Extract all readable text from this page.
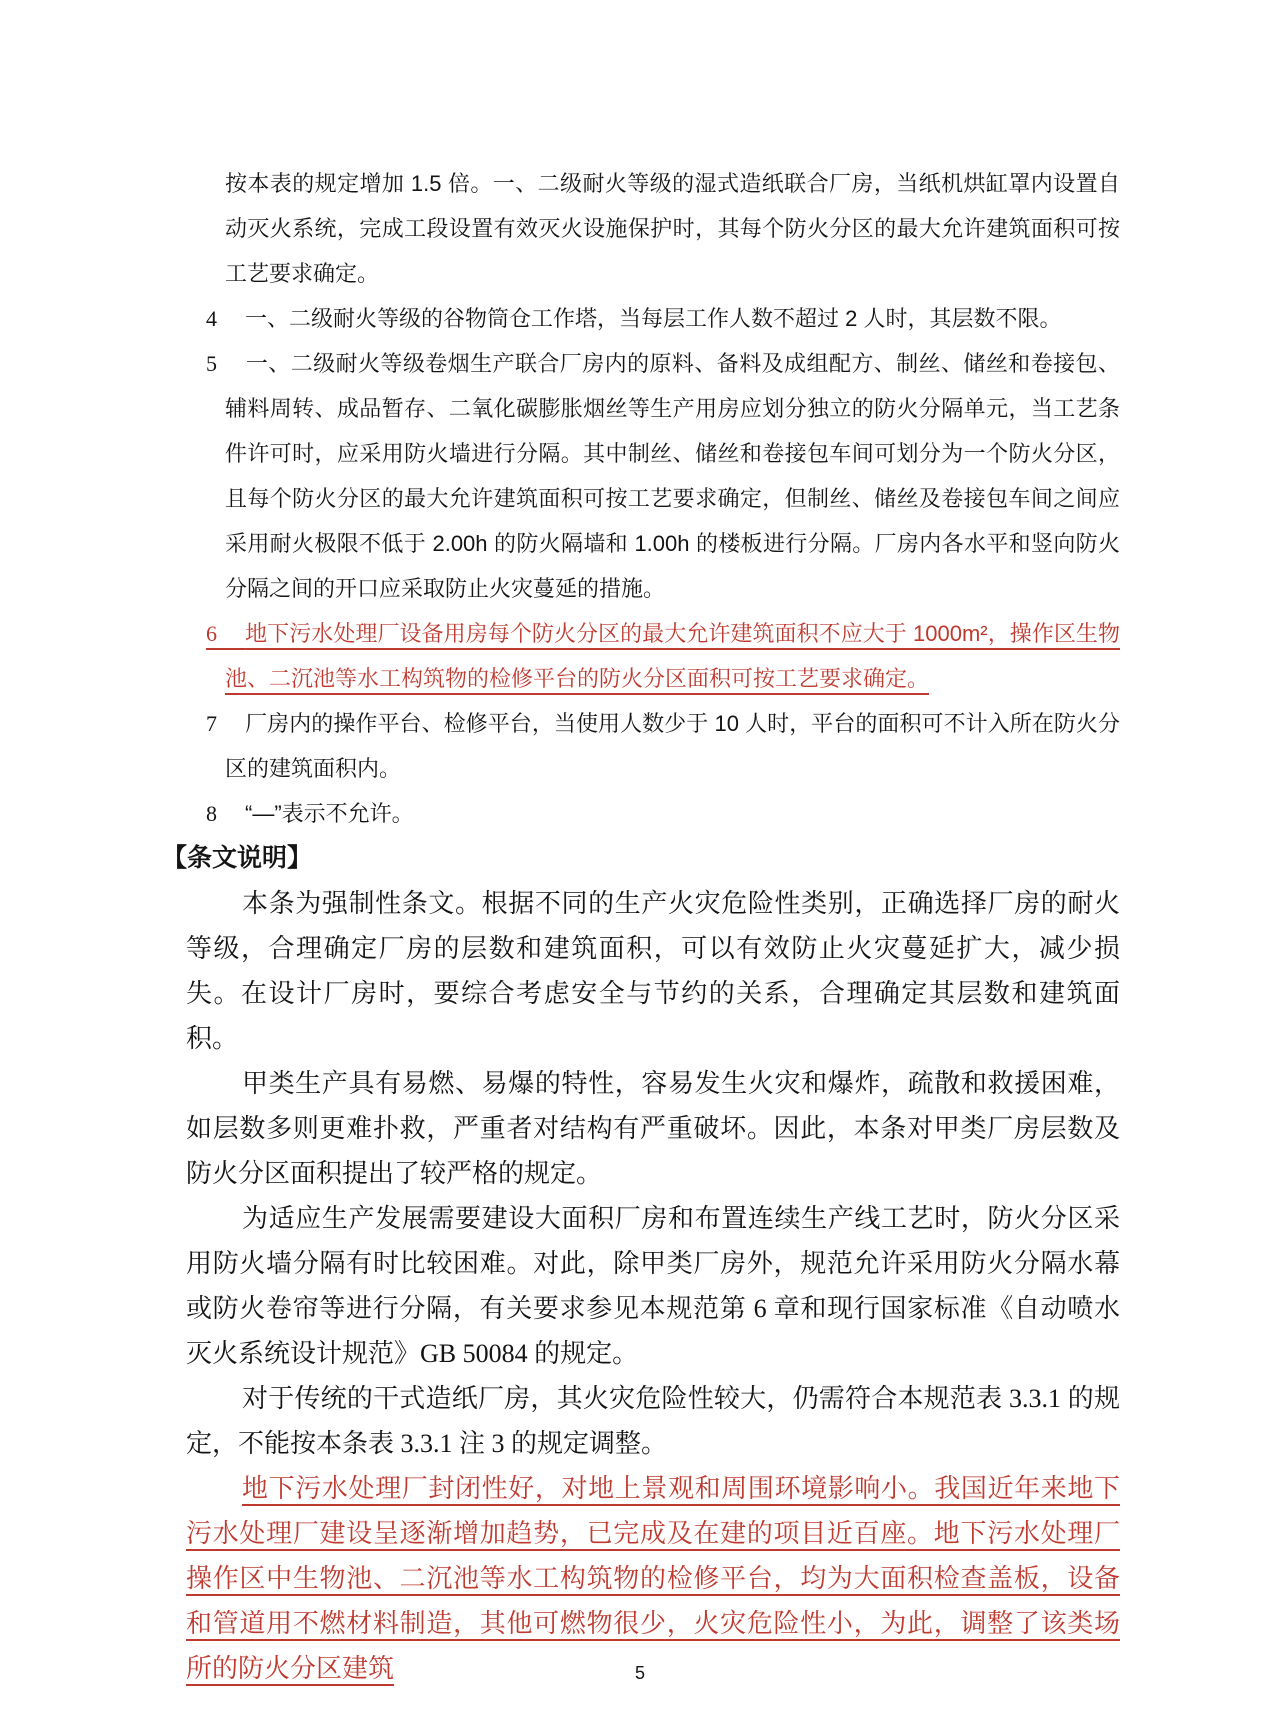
按本表的规定增加 1.5 倍。一、二级耐火等级的湿式造纸联合厂房，当纸机烘缸罩内设置自动灭火系统，完成工段设置有效灭火设施保护时，其每个防火分区的最大允许建筑面积可按工艺要求确定。
4　 一、二级耐火等级的谷物筒仓工作塔，当每层工作人数不超过 2 人时，其层数不限。
5　 一、二级耐火等级卷烟生产联合厂房内的原料、备料及成组配方、制丝、储丝和卷接包、辅料周转、成品暂存、二氧化碳膨胀烟丝等生产用房应划分独立的防火分隔单元，当工艺条件许可时，应采用防火墙进行分隔。其中制丝、储丝和卷接包车间可划分为一个防火分区，且每个防火分区的最大允许建筑面积可按工艺要求确定，但制丝、储丝及卷接包车间之间应采用耐火极限不低于 2.00h 的防火隔墙和 1.00h 的楼板进行分隔。厂房内各水平和竖向防火分隔之间的开口应采取防止火灾蔓延的措施。
6　 地下污水处理厂设备用房每个防火分区的最大允许建筑面积不应大于 1000m²，操作区生物池、二沉池等水工构筑物的检修平台的防火分区面积可按工艺要求确定。
7　 厂房内的操作平台、检修平台，当使用人数少于 10 人时，平台的面积可不计入所在防火分区的建筑面积内。
8　 “—”表示不允许。
【条文说明】
本条为强制性条文。根据不同的生产火灾危险性类别，正确选择厂房的耐火等级，合理确定厂房的层数和建筑面积，可以有效防止火灾蔓延扩大，减少损失。在设计厂房时，要综合考虑安全与节约的关系，合理确定其层数和建筑面积。
甲类生产具有易燃、易爆的特性，容易发生火灾和爆炸，疏散和救援困难，如层数多则更难扑救，严重者对结构有严重破坏。因此，本条对甲类厂房层数及防火分区面积提出了较严格的规定。
为适应生产发展需要建设大面积厂房和布置连续生产线工艺时，防火分区采用防火墙分隔有时比较困难。对此，除甲类厂房外，规范允许采用防火分隔水幕或防火卷帘等进行分隔，有关要求参见本规范第 6 章和现行国家标准《自动喷水灭火系统设计规范》GB 50084 的规定。
对于传统的干式造纸厂房，其火灾危险性较大，仍需符合本规范表 3.3.1 的规定，不能按本条表 3.3.1 注 3 的规定调整。
地下污水处理厂封闭性好，对地上景观和周围环境影响小。我国近年来地下污水处理厂建设呈逐渐增加趋势，已完成及在建的项目近百座。地下污水处理厂操作区中生物池、二沉池等水工构筑物的检修平台，均为大面积检查盖板，设备和管道用不燃材料制造，其他可燃物很少，火灾危险性小，为此，调整了该类场所的防火分区建筑	5
